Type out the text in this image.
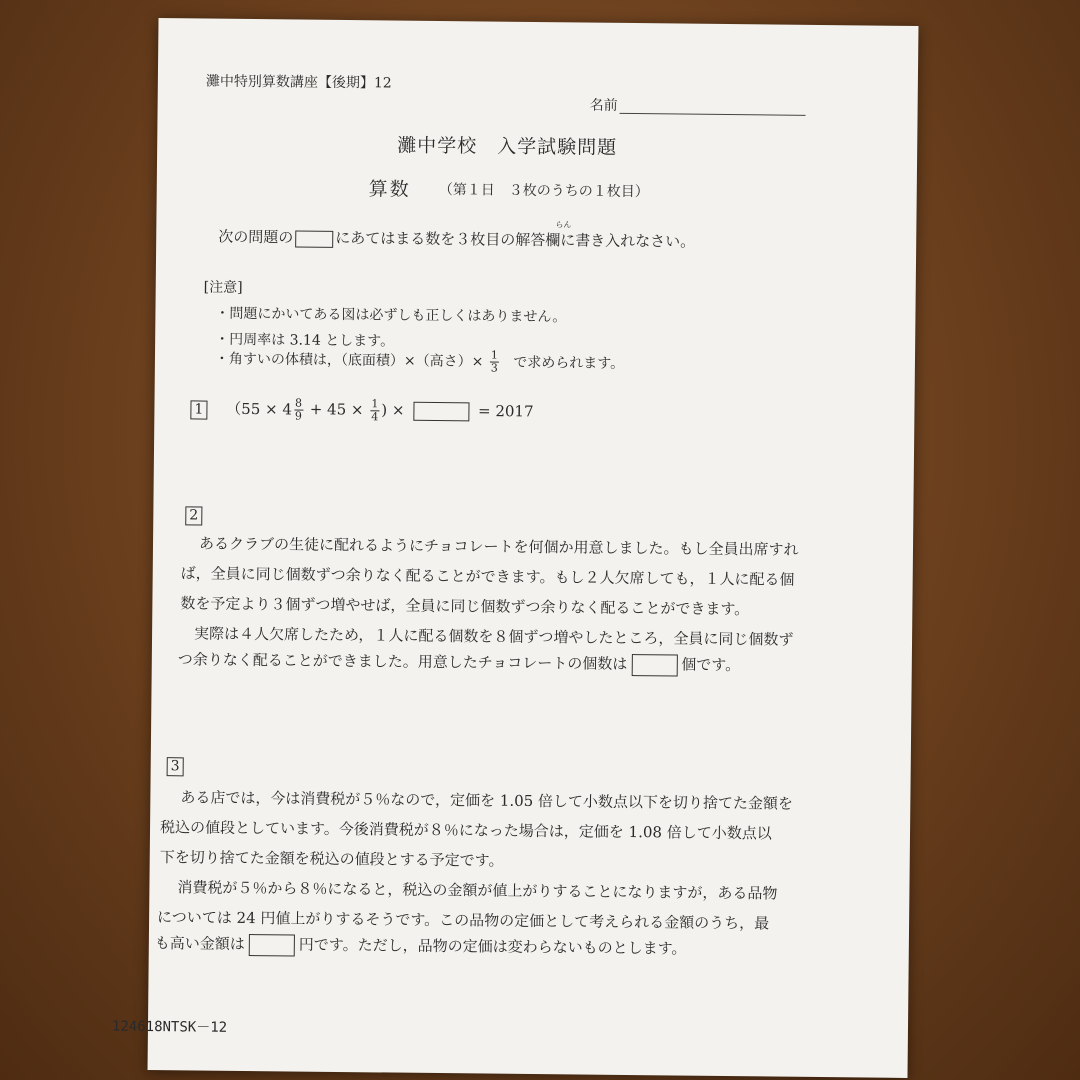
灘中特別算数講座【後期】12
名前
灘中学校　入学試験問題
算数 （第１日　３枚のうちの１枚目）
らん
次の問題の	にあてはまる数を３枚目の解答欄に書き入れなさい。
[注意]
・問題にかいてある図は必ずしも正しくはありません。
・円周率は 3.14 とします。
・角すいの体積は，（底面積）×（高さ）× $\frac{1}{3}$ で求められます。
1 （$55 \times 4 \frac{8}{9} + 45 \times \frac{1}{4}$ ) ×	= 2017
2
あるクラブの生徒に配れるようにチョコレートを何個か用意しました。もし全員出席すれ
ば，全員に同じ個数ずつ余りなく配ることができます。もし２人欠席しても，１人に配る個
数を予定より３個ずつ増やせば，全員に同じ個数ずつ余りなく配ることができます。
実際は４人欠席したため，１人に配る個数を８個ずつ増やしたところ，全員に同じ個数ず
つ余りなく配ることができました。用意したチョコレートの個数は	個です。
3
ある店では，今は消費税が５％なので，定価を 1.05 倍して小数点以下を切り捨てた金額を
税込の値段としています。今後消費税が８％になった場合は，定価を 1.08 倍して小数点以
下を切り捨てた金額を税込の値段とする予定です。
消費税が５％から８％になると，税込の金額が値上がりすることになりますが，ある品物
については 24 円値上がりするそうです。この品物の定価として考えられる金額のうち，最
も高い金額は	円です。ただし，品物の定価は変わらないものとします。
124618NTSK－12
